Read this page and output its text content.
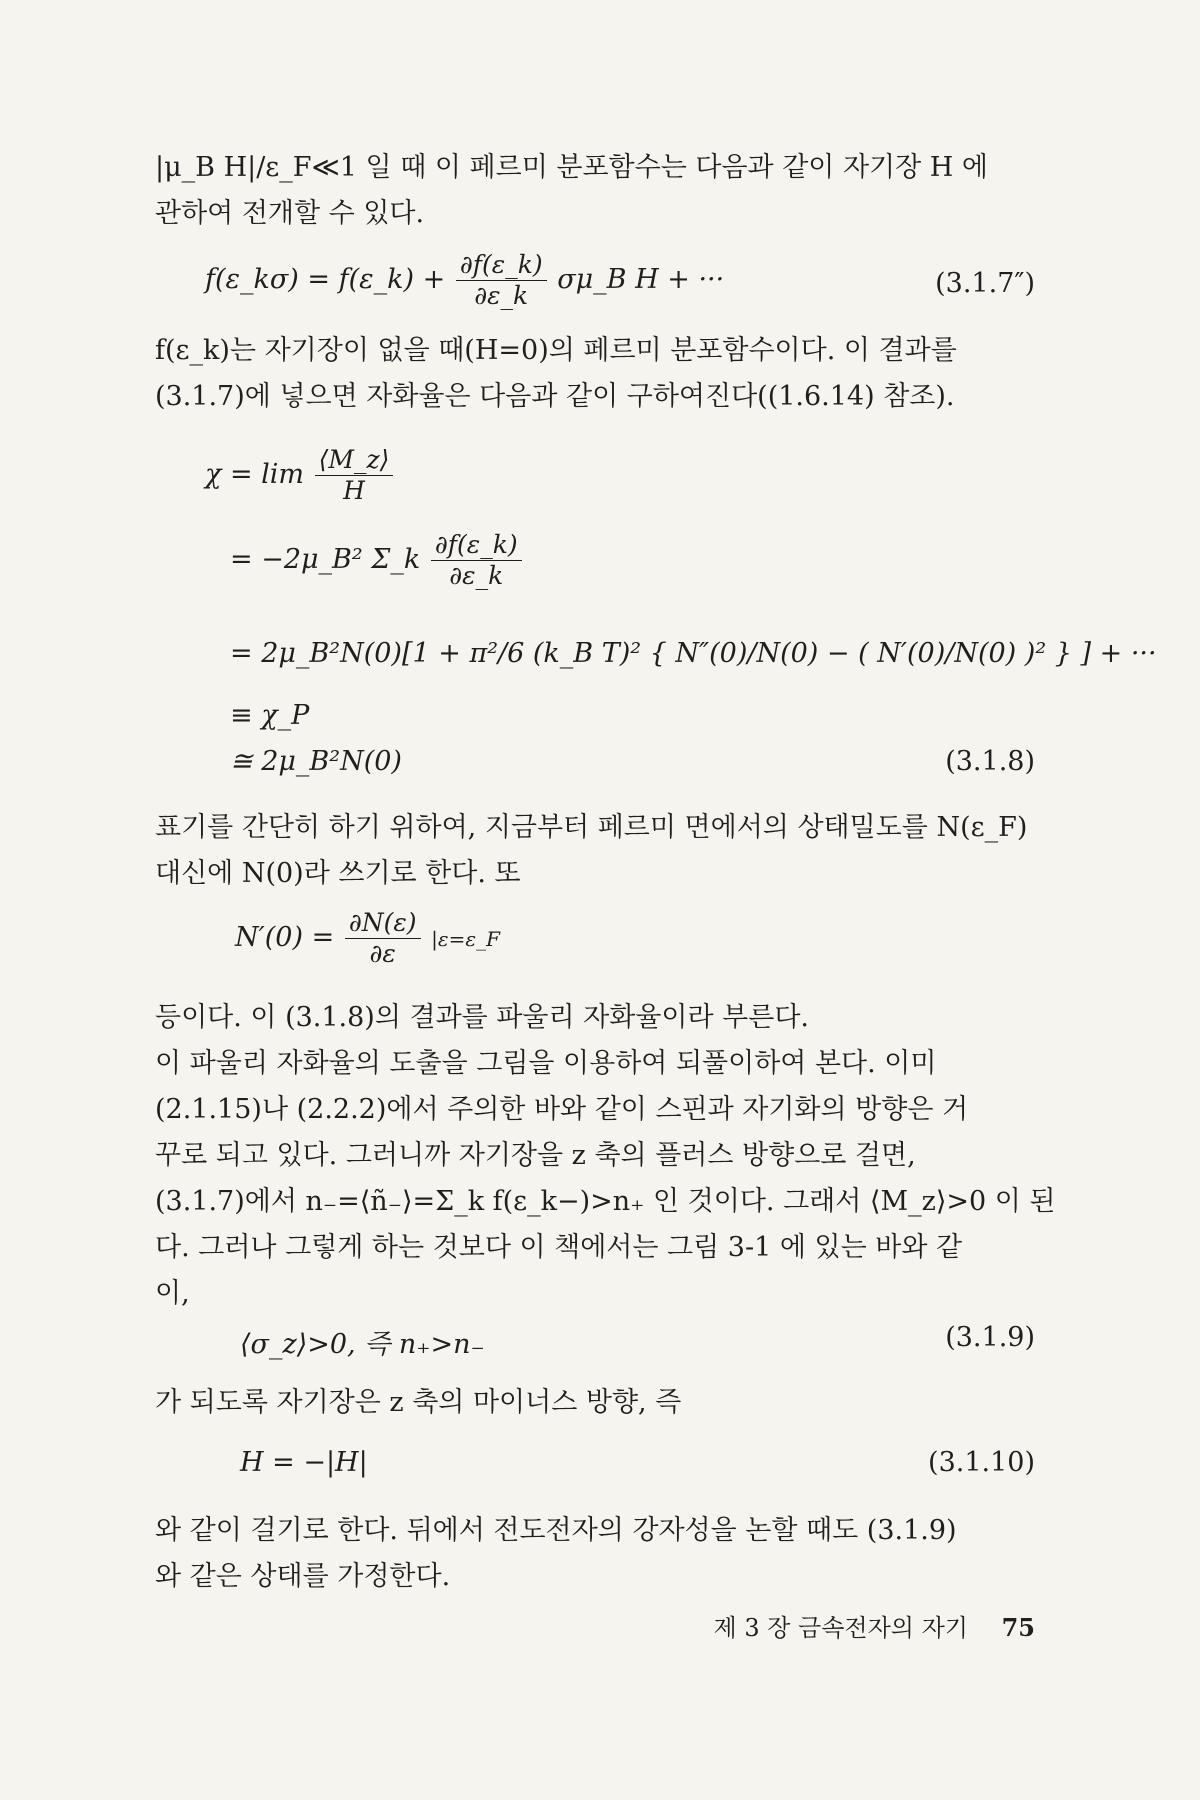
|μ_B H|/ε_F≪1 일 때 이 페르미 분포함수는 다음과 같이 자기장 H 에
관하여 전개할 수 있다.
f(ε_kσ) = f(ε_k) + $\frac{\partial f(\varepsilon\_k)}{\partial\varepsilon\_k}$ σμ_B H + ···	(3.1.7″)
f(ε_k)는 자기장이 없을 때(H=0)의 페르미 분포함수이다. 이 결과를
(3.1.7)에 넣으면 자화율은 다음과 같이 구하여진다((1.6.14) 참조).
$\chi = \lim \frac{⟨M\_z⟩}{H}$
= −2μ_B² Σ_k $\frac{\partial f(\varepsilon\_k)}{\partial\varepsilon\_k}$
= 2μ_B²N(0)[1 + π²/6 (k_B T)² { N″(0)/N(0) − ( N′(0)/N(0) )² } ] + ···
≡ χ_P
≅ 2μ_B²N(0)	(3.1.8)
표기를 간단히 하기 위하여, 지금부터 페르미 면에서의 상태밀도를 N(ε_F)
대신에 N(0)라 쓰기로 한다. 또
$N'(0) = \frac{\partial N(\varepsilon)}{\partial\varepsilon}$ |ε=ε_F
등이다. 이 (3.1.8)의 결과를 파울리 자화율이라 부른다.
이 파울리 자화율의 도출을 그림을 이용하여 되풀이하여 본다. 이미
(2.1.15)나 (2.2.2)에서 주의한 바와 같이 스핀과 자기화의 방향은 거
꾸로 되고 있다. 그러니까 자기장을 z 축의 플러스 방향으로 걸면,
(3.1.7)에서 n₋=⟨ñ₋⟩=Σ_k f(ε_k−)>n₊ 인 것이다. 그래서 ⟨M_z⟩>0 이 된
다. 그러나 그렇게 하는 것보다 이 책에서는 그림 3-1 에 있는 바와 같
이,
⟨σ_z⟩>0, 즉 n₊>n₋	(3.1.9)
가 되도록 자기장은 z 축의 마이너스 방향, 즉
H = −|H|	(3.1.10)
와 같이 걸기로 한다. 뒤에서 전도전자의 강자성을 논할 때도 (3.1.9)
와 같은 상태를 가정한다.
제 3 장 금속전자의 자기 75
